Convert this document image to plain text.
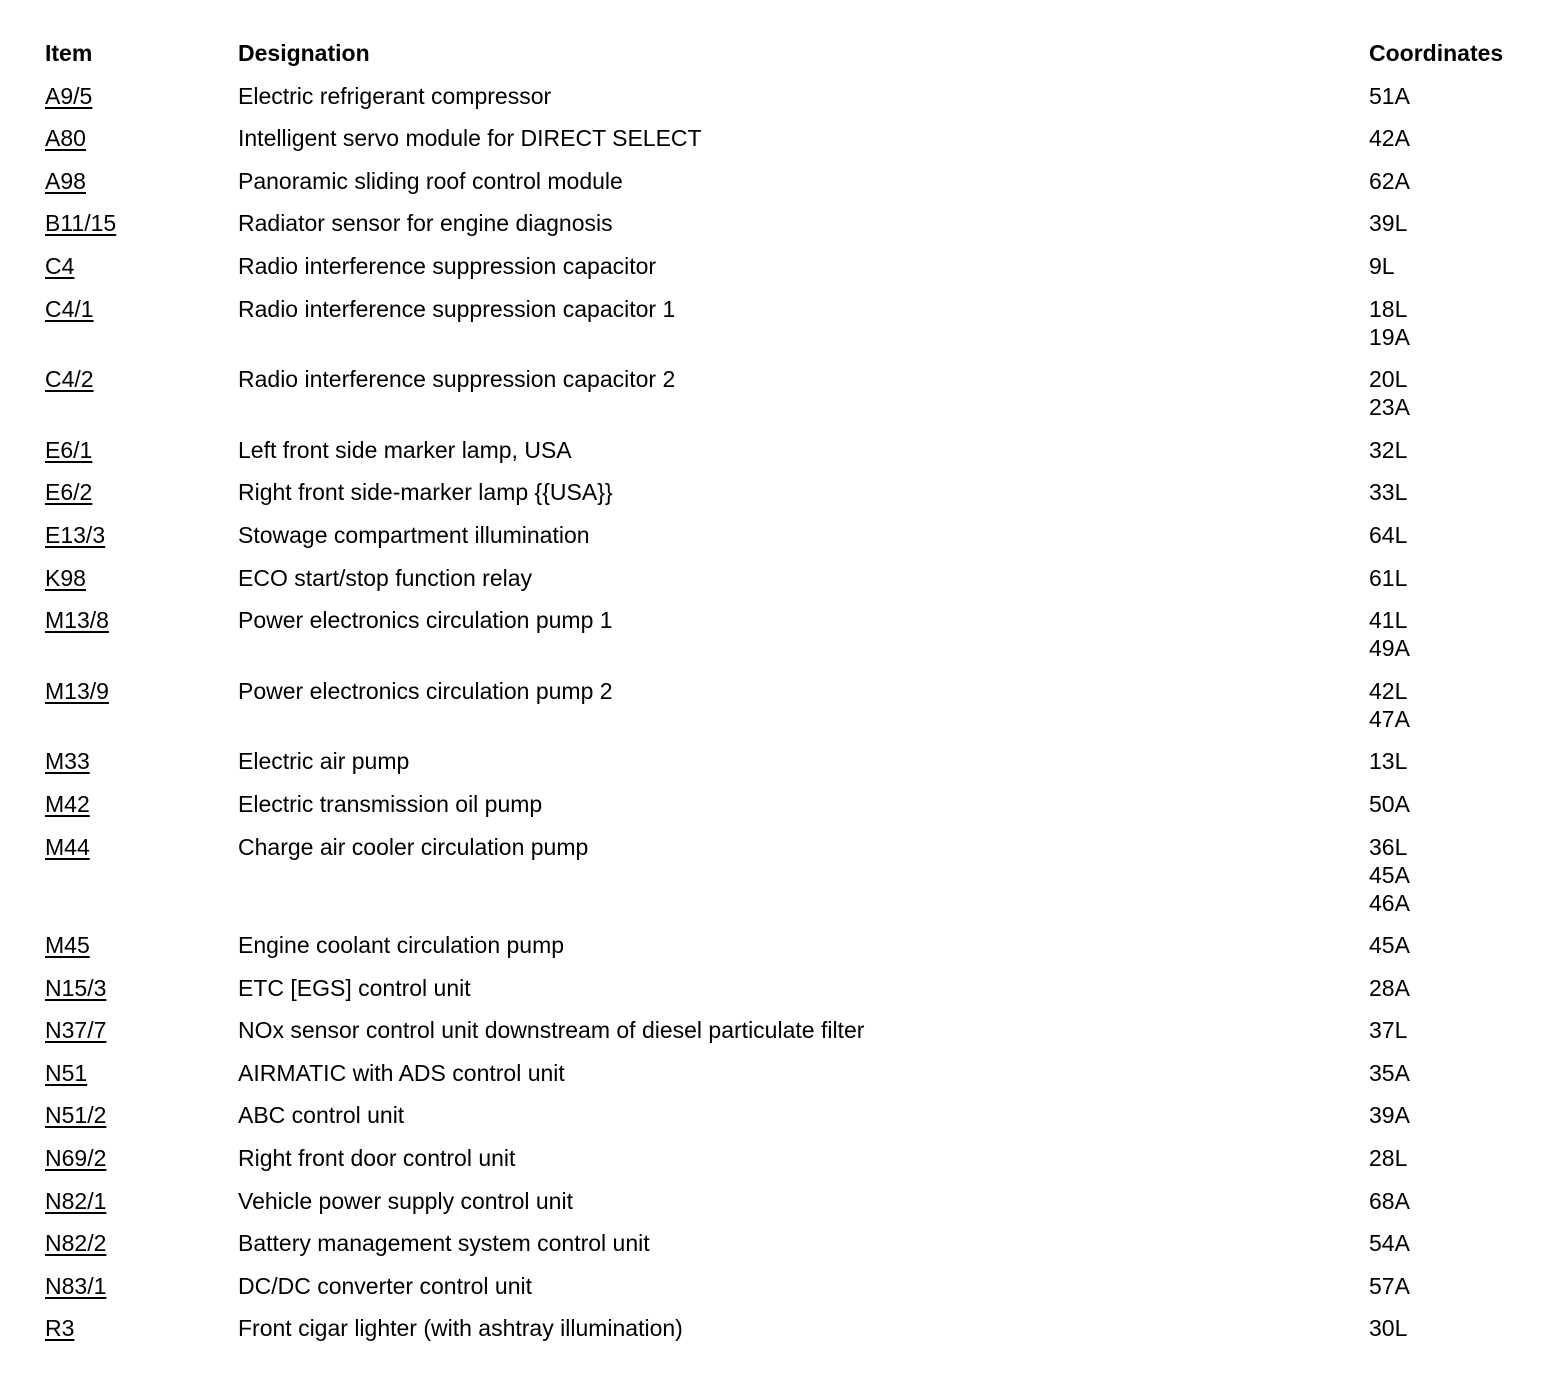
Item	Designation	Coordinates
A9/5	Electric refrigerant compressor	51A
A80	Intelligent servo module for DIRECT SELECT	42A
A98	Panoramic sliding roof control module	62A
B11/15	Radiator sensor for engine diagnosis	39L
C4	Radio interference suppression capacitor	9L
C4/1	Radio interference suppression capacitor 1	18L
19A
C4/2	Radio interference suppression capacitor 2	20L
23A
E6/1	Left front side marker lamp, USA	32L
E6/2	Right front side-marker lamp {{USA}}	33L
E13/3	Stowage compartment illumination	64L
K98	ECO start/stop function relay	61L
M13/8	Power electronics circulation pump 1	41L
49A
M13/9	Power electronics circulation pump 2	42L
47A
M33	Electric air pump	13L
M42	Electric transmission oil pump	50A
M44	Charge air cooler circulation pump	36L
45A
46A
M45	Engine coolant circulation pump	45A
N15/3	ETC [EGS] control unit	28A
N37/7	NOx sensor control unit downstream of diesel particulate filter	37L
N51	AIRMATIC with ADS control unit	35A
N51/2	ABC control unit	39A
N69/2	Right front door control unit	28L
N82/1	Vehicle power supply control unit	68A
N82/2	Battery management system control unit	54A
N83/1	DC/DC converter control unit	57A
R3	Front cigar lighter (with ashtray illumination)	30L
